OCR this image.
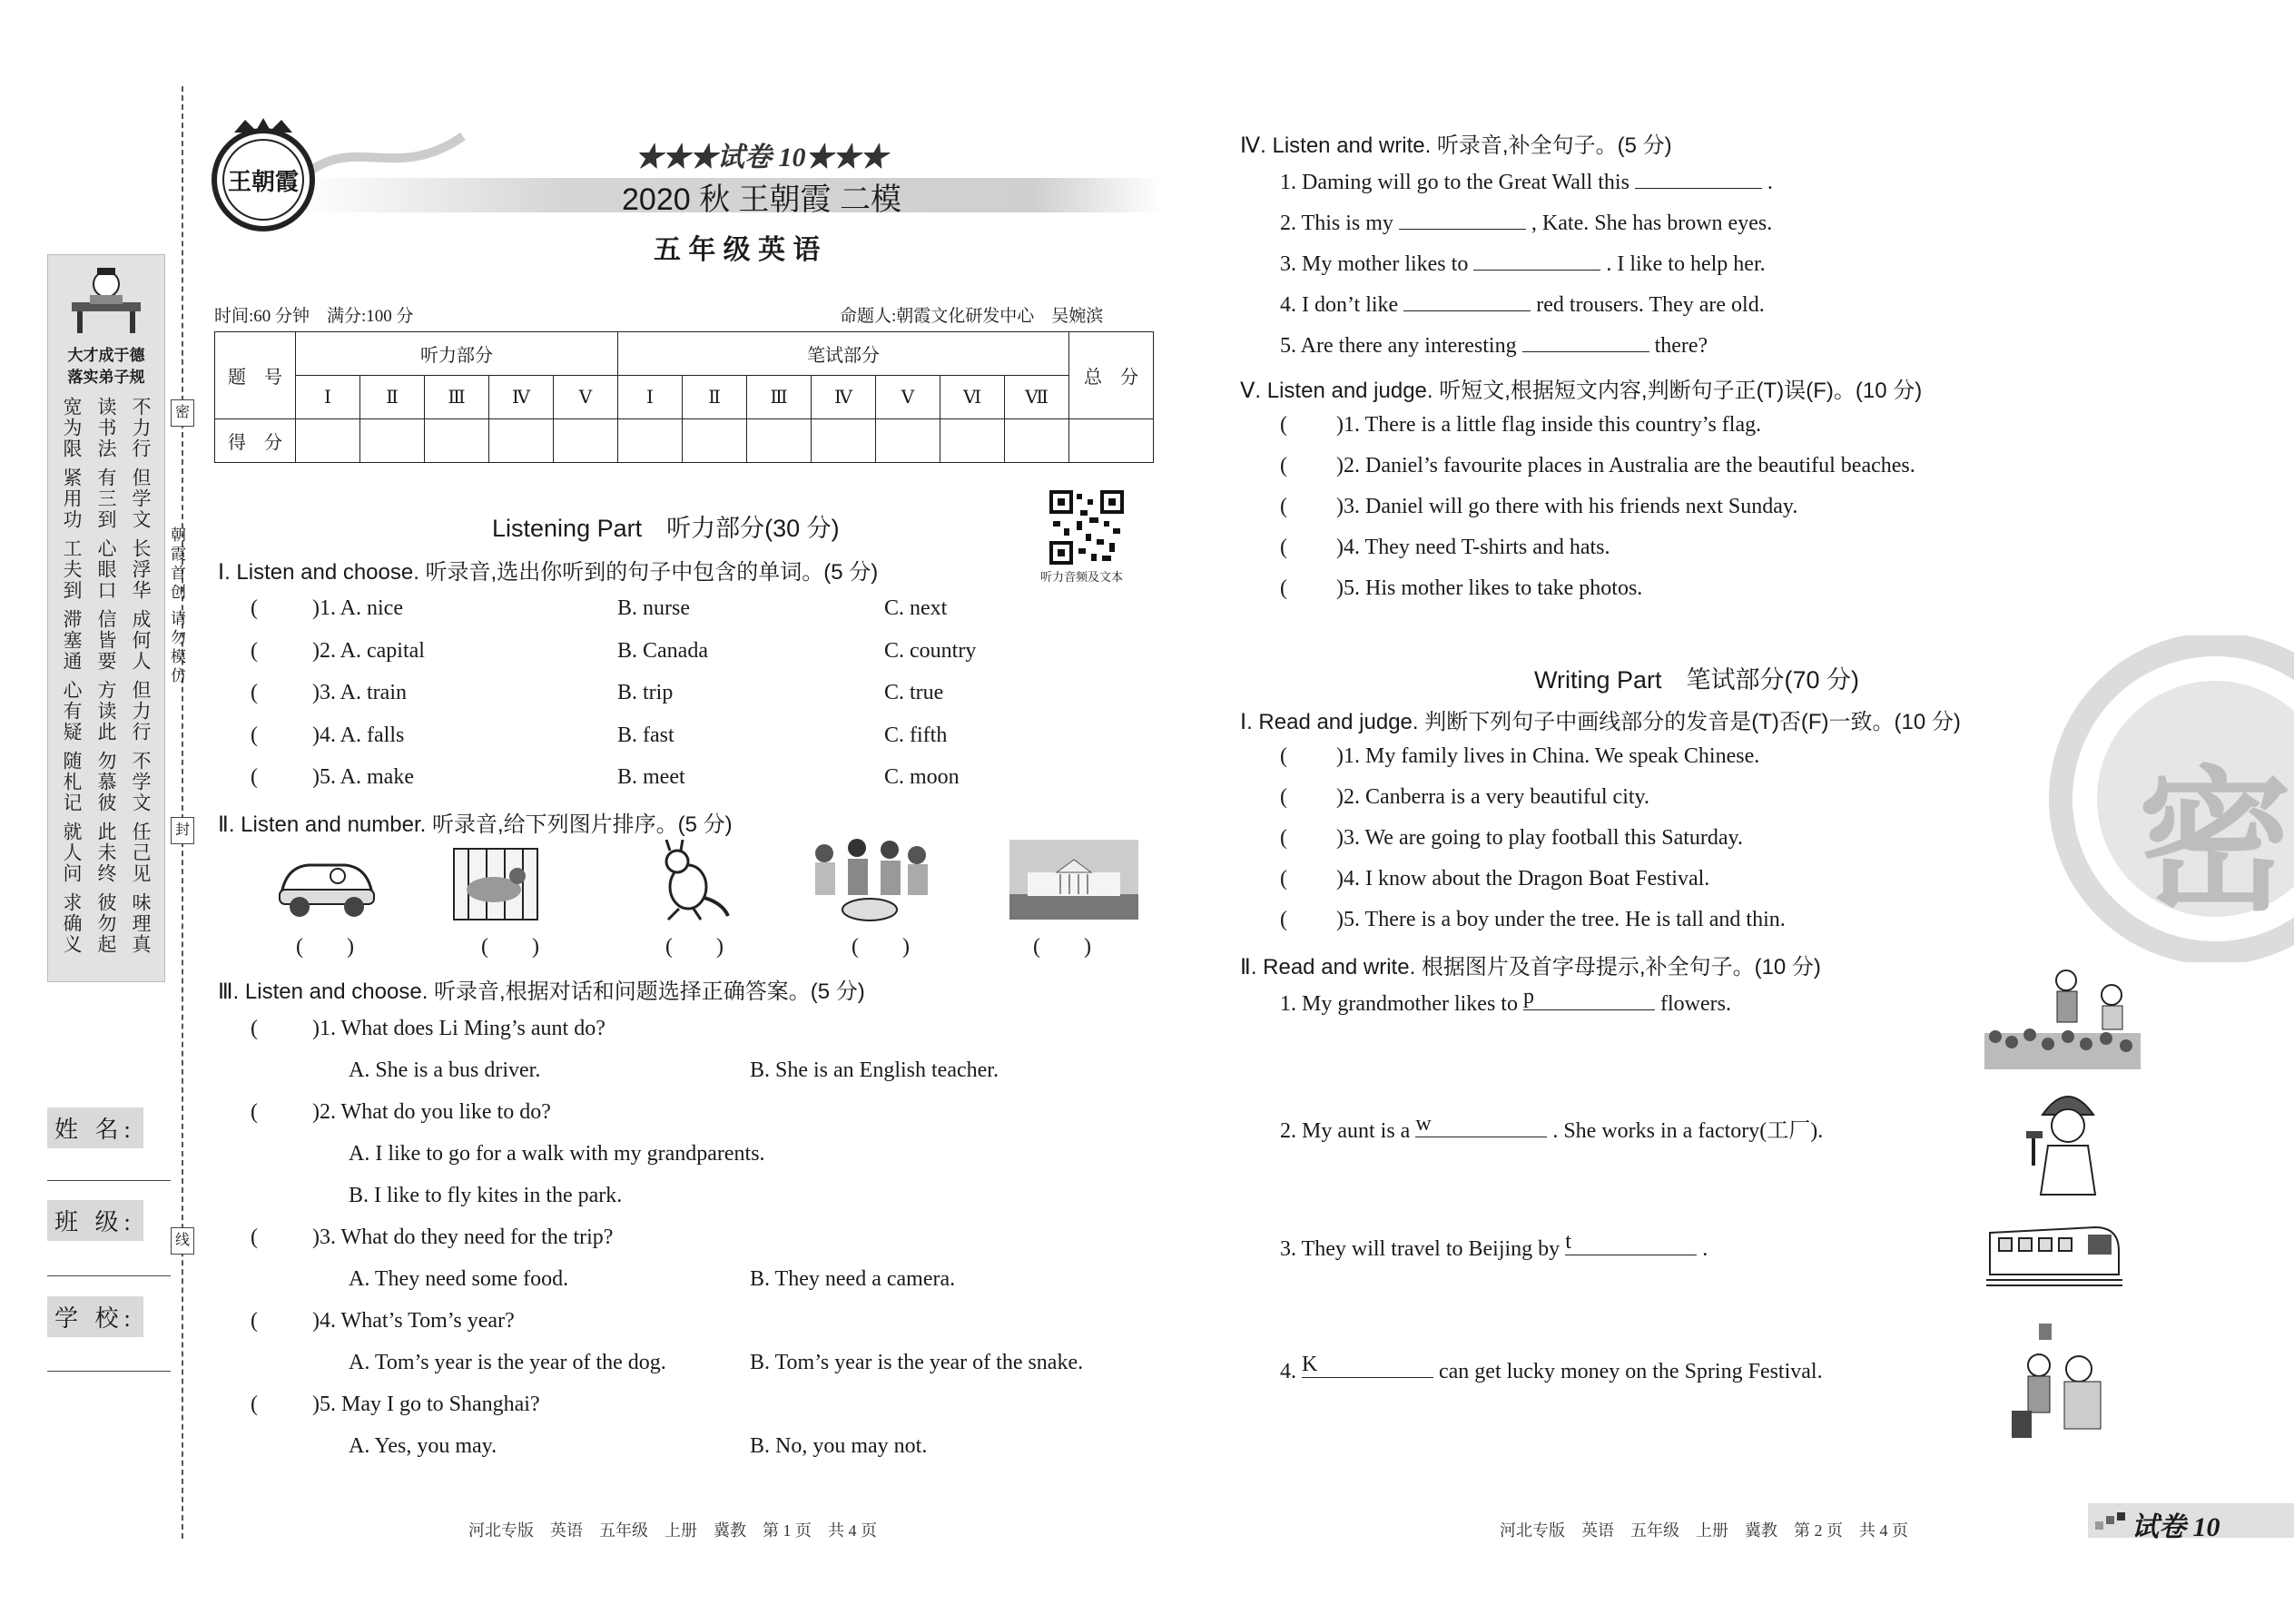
大才成于德
落实弟子规
宽为限
紧用功
工夫到
滞塞通
心有疑
随札记
就人问
求确义
读书法
有三到
心眼口
信皆要
方读此
勿慕彼
此未终
彼勿起
不力行
但学文
长浮华
成何人
但力行
不学文
任己见
味理真
密
封
线
朝霞首创 请勿模仿
姓 名:
班 级:
学 校:
王朝霞
★★★试卷 10★★★
2020 秋 王朝霞 二模
五 年 级 英 语
时间:60 分钟    满分:100 分	命题人:朝霞文化研发中心    吴婉滨
题　号	听力部分					笔试部分							总　分
	Ⅰ	Ⅱ	Ⅲ	Ⅳ	Ⅴ	Ⅰ	Ⅱ	Ⅲ	Ⅳ	Ⅴ	Ⅵ	Ⅶ	
得　分													
Listening Part　听力部分(30 分)
听力音频及文本
Ⅰ. Listen and choose. 听录音,选出你听到的句子中包含的单词。(5 分)
(	)1. A. nice	B. nurse	C. next
(	)2. A. capital	B. Canada	C. country
(	)3. A. train	B. trip	C. true
(	)4. A. falls	B. fast	C. fifth
(	)5. A. make	B. meet	C. moon
Ⅱ. Listen and number. 听录音,给下列图片排序。(5 分)
(　　)	(　　)	(　　)	(　　)	(　　)
Ⅲ. Listen and choose. 听录音,根据对话和问题选择正确答案。(5 分)
(	)1. What does Li Ming’s aunt do?
A. She is a bus driver.	B. She is an English teacher.
(	)2. What do you like to do?
A. I like to go for a walk with my grandparents.
B. I like to fly kites in the park.
(	)3. What do they need for the trip?
A. They need some food.	B. They need a camera.
(	)4. What’s Tom’s year?
A. Tom’s year is the year of the dog.	B. Tom’s year is the year of the snake.
(	)5. May I go to Shanghai?
A. Yes, you may.	B. No, you may not.
河北专版　英语　五年级　上册　冀教　第 1 页　共 4 页
密
Ⅳ. Listen and write. 听录音,补全句子。(5 分)
1. Daming will go to the Great Wall this	.
2. This is my	, Kate. She has brown eyes.
3. My mother likes to	. I like to help her.
4. I don’t like	red trousers. They are old.
5. Are there any interesting	there?
Ⅴ. Listen and judge. 听短文,根据短文内容,判断句子正(T)误(F)。(10 分)
( )1. There is a little flag inside this country’s flag.
( )2. Daniel’s favourite places in Australia are the beautiful beaches.
( )3. Daniel will go there with his friends next Sunday.
( )4. They need T-shirts and hats.
( )5. His mother likes to take photos.
Writing Part　笔试部分(70 分)
Ⅰ. Read and judge. 判断下列句子中画线部分的发音是(T)否(F)一致。(10 分)
( )1. My family lives in China. We speak Chinese.
( )2. Canberra is a very beautiful city.
( )3. We are going to play football this Saturday.
( )4. I know about the Dragon Boat Festival.
( )5. There is a boy under the tree. He is tall and thin.
Ⅱ. Read and write. 根据图片及首字母提示,补全句子。(10 分)
1. My grandmother likes to p	flowers.
2. My aunt is a w	. She works in a factory(工厂).
3. They will travel to Beijing by t	.
4. K	can get lucky money on the Spring Festival.
河北专版　英语　五年级　上册　冀教　第 2 页　共 4 页	试卷 10
